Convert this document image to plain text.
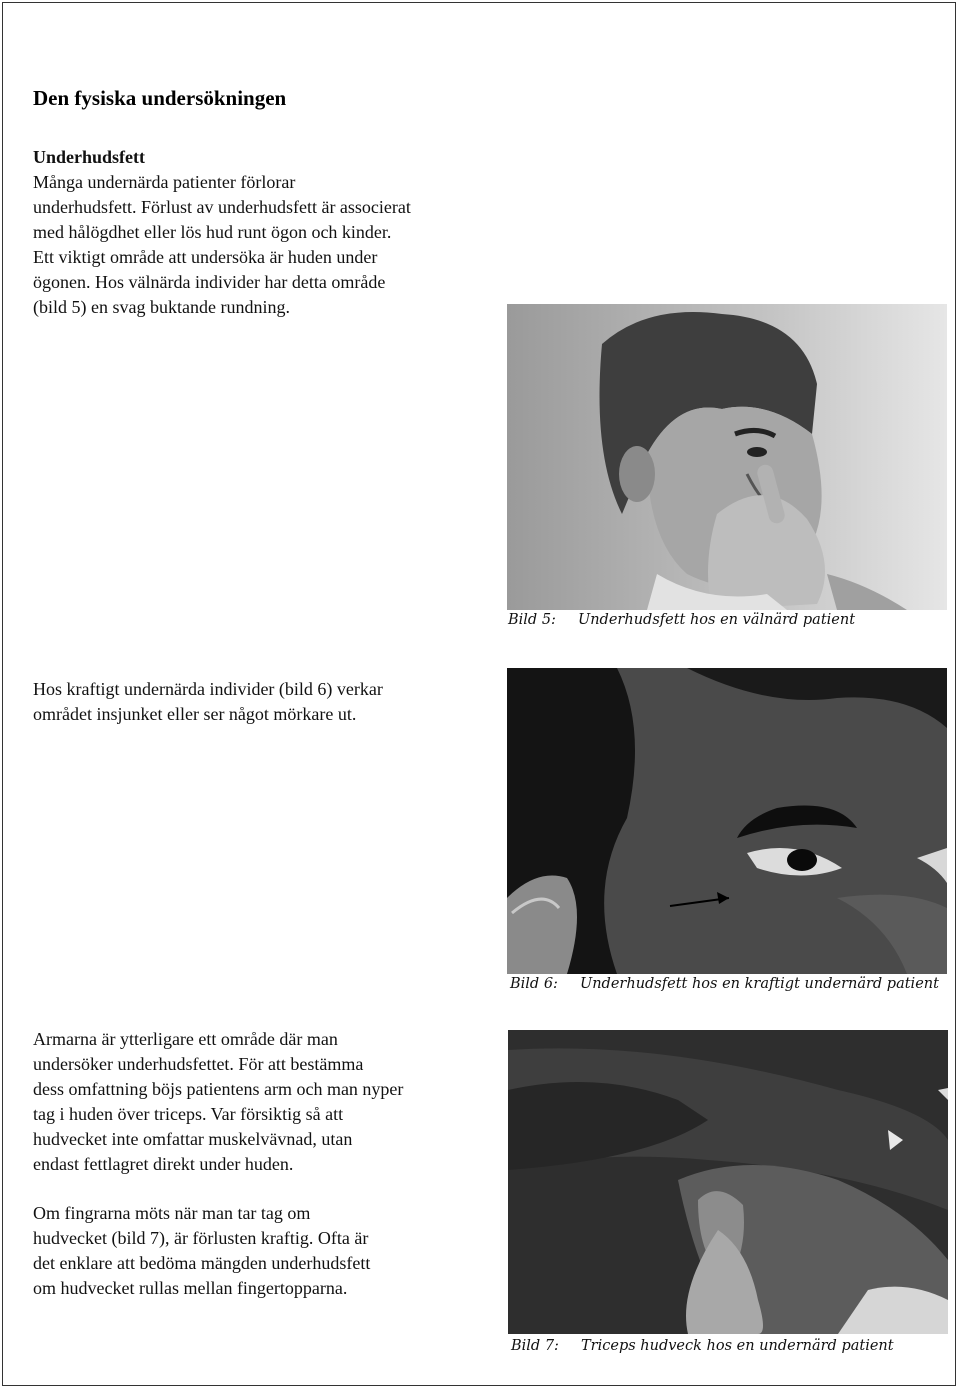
Den fysiska undersökningen
Underhudsfett
Många undernärda patienter förlorar
underhudsfett. Förlust av underhudsfett är associerat
med hålögdhet eller lös hud runt ögon och kinder.
Ett viktigt område att undersöka är huden under
ögonen. Hos välnärda individer har detta område
(bild 5) en svag buktande rundning.
Bild 5: Underhudsfett hos en välnärd patient
Hos kraftigt undernärda individer (bild 6) verkar
området insjunket eller ser något mörkare ut.
Bild 6: Underhudsfett hos en kraftigt undernärd patient
Armarna är ytterligare ett område där man
undersöker underhudsfettet. För att bestämma
dess omfattning böjs patientens arm och man nyper
tag i huden över triceps. Var försiktig så att
hudvecket inte omfattar muskelvävnad, utan
endast fettlagret direkt under huden.
Om fingrarna möts när man tar tag om
hudvecket (bild 7), är förlusten kraftig. Ofta är
det enklare att bedöma mängden underhudsfett
om hudvecket rullas mellan fingertopparna.
Bild 7: Triceps hudveck hos en undernärd patient
